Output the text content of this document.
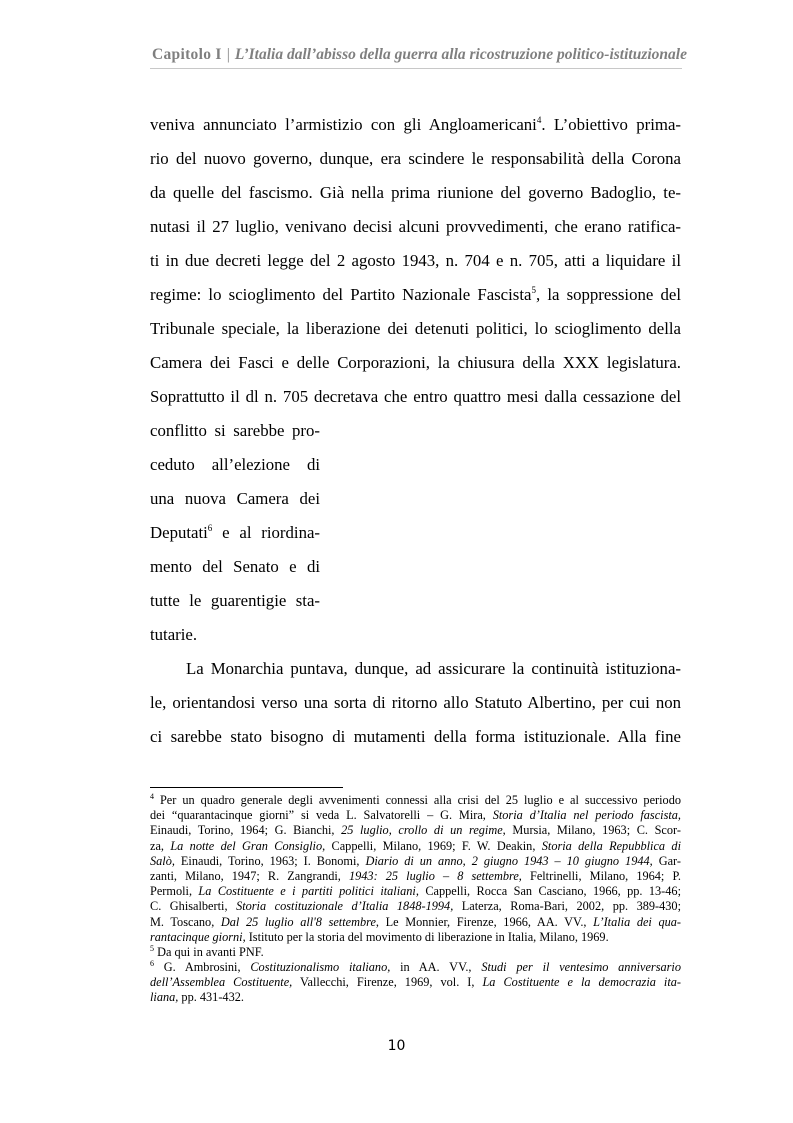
Capitolo I | L’Italia dall’abisso della guerra alla ricostruzione politico-istituzionale
veniva annunciato l’armistizio con gli Angloamericani$^4$. L’obiettivo prima-
rio del nuovo governo, dunque, era scindere le responsabilità della Corona
da quelle del fascismo. Già nella prima riunione del governo Badoglio, te-
nutasi il 27 luglio, venivano decisi alcuni provvedimenti, che erano ratifica-
ti in due decreti legge del 2 agosto 1943, n. 704 e n. 705, atti a liquidare il
regime: lo scioglimento del Partito Nazionale Fascista$^5$, la soppressione del
Tribunale speciale, la liberazione dei detenuti politici, lo scioglimento della
Camera dei Fasci e delle Corporazioni, la chiusura della XXX legislatura.
Soprattutto il dl n. 705 decretava che entro quattro mesi dalla cessazione del
conflitto si sarebbe pro-
ceduto all’elezione di
una nuova Camera dei
Deputati$^6$ e al riordina-
mento del Senato e di
tutte le guarentigie sta-
tutarie.
La Monarchia puntava, dunque, ad assicurare la continuità istituziona-
le, orientandosi verso una sorta di ritorno allo Statuto Albertino, per cui non
ci sarebbe stato bisogno di mutamenti della forma istituzionale. Alla fine
$^4$ Per un quadro generale degli avvenimenti connessi alla crisi del 25 luglio e al successivo periodo
dei “quarantacinque giorni” si veda L. Salvatorelli – G. Mira, Storia d’Italia nel periodo fascista,
Einaudi, Torino, 1964; G. Bianchi, 25 luglio, crollo di un regime, Mursia, Milano, 1963; C. Scor-
za, La notte del Gran Consiglio, Cappelli, Milano, 1969; F. W. Deakin, Storia della Repubblica di
Salò, Einaudi, Torino, 1963; I. Bonomi, Diario di un anno, 2 giugno 1943 – 10 giugno 1944, Gar-
zanti, Milano, 1947; R. Zangrandi, 1943: 25 luglio – 8 settembre, Feltrinelli, Milano, 1964; P.
Permoli, La Costituente e i partiti politici italiani, Cappelli, Rocca San Casciano, 1966, pp. 13-46;
C. Ghisalberti, Storia costituzionale d’Italia 1848-1994, Laterza, Roma-Bari, 2002, pp. 389-430;
M. Toscano, Dal 25 luglio all'8 settembre, Le Monnier, Firenze, 1966, AA. VV., L’Italia dei qua-
rantacinque giorni, Istituto per la storia del movimento di liberazione in Italia, Milano, 1969.
$^5$ Da qui in avanti PNF.
$^6$ G. Ambrosini, Costituzionalismo italiano, in AA. VV., Studi per il ventesimo anniversario
dell’Assemblea Costituente, Vallecchi, Firenze, 1969, vol. I, La Costituente e la democrazia ita-
liana, pp. 431-432.
10
